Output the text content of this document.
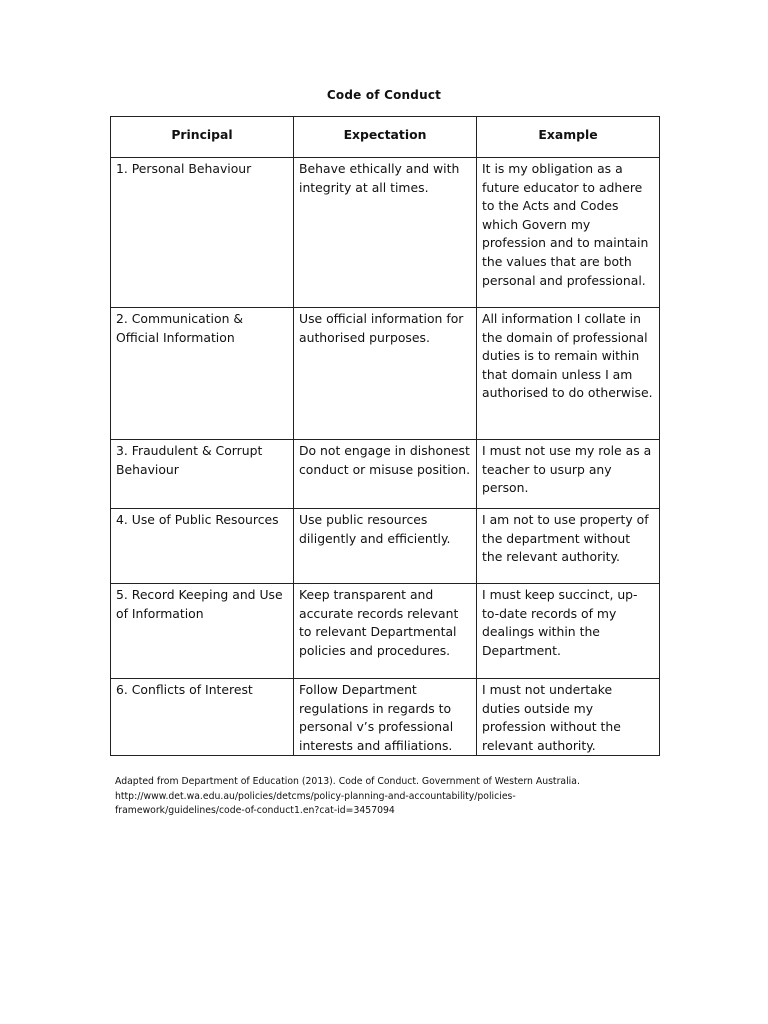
Code of Conduct
Principal	Expectation	Example
1. Personal Behaviour	Behave ethically and with integrity at all times.	It is my obligation as a future educator to adhere to the Acts and Codes which Govern my profession and to maintain the values that are both personal and professional.
2. Communication & Official Information	Use official information for authorised purposes.	All information I collate in the domain of professional duties is to remain within that domain unless I am authorised to do otherwise.
3. Fraudulent & Corrupt Behaviour	Do not engage in dishonest conduct or misuse position.	I must not use my role as a teacher to usurp any person.
4. Use of Public Resources	Use public resources diligently and efficiently.	I am not to use property of the department without the relevant authority.
5. Record Keeping and Use of Information	Keep transparent and accurate records relevant to relevant Departmental policies and procedures.	I must keep succinct, up-to-date records of my dealings within the Department.
6. Conflicts of Interest	Follow Department regulations in regards to personal v’s professional interests and affiliations.	I must not undertake duties outside my profession without the relevant authority.
Adapted from Department of Education (2013). Code of Conduct. Government of Western Australia.
http://www.det.wa.edu.au/policies/detcms/policy-planning-and-accountability/policies-
framework/guidelines/code-of-conduct1.en?cat-id=3457094
